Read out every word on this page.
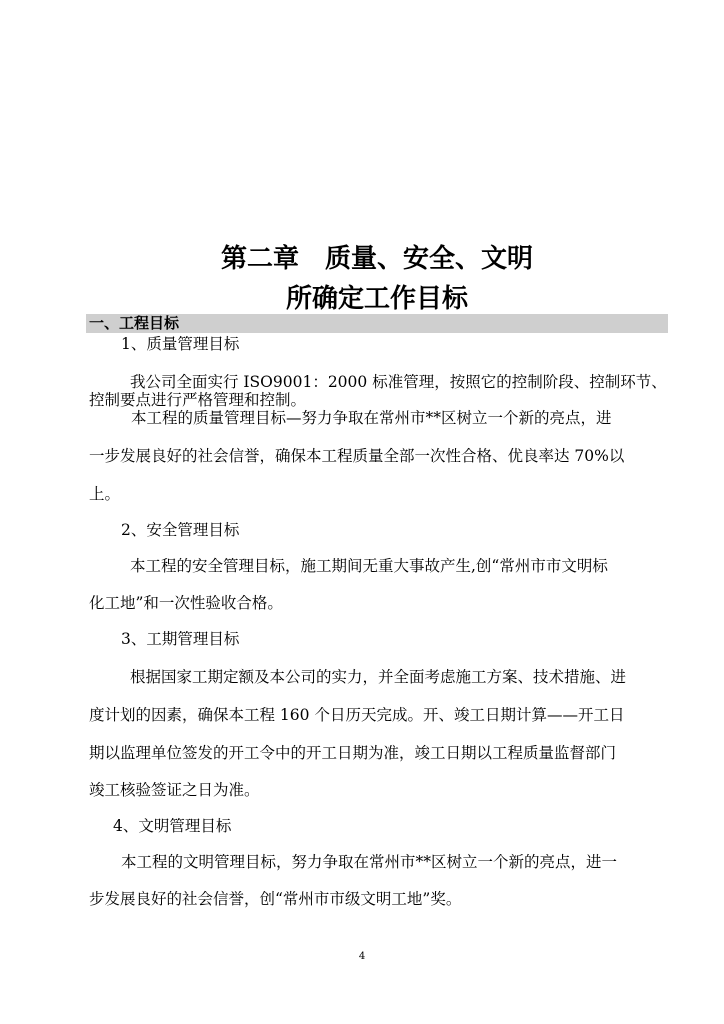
第二章　质量、安全、文明
所确定工作目标
一、工程目标
1、质量管理目标
我公司全面实行 ISO9001：2000 标准管理，按照它的控制阶段、控制环节、
控制要点进行严格管理和控制。
本工程的质量管理目标—努力争取在常州市**区树立一个新的亮点，进
一步发展良好的社会信誉，确保本工程质量全部一次性合格、优良率达 70%以
上。
2、安全管理目标
本工程的安全管理目标，施工期间无重大事故产生,创“常州市市文明标
化工地”和一次性验收合格。
3、工期管理目标
根据国家工期定额及本公司的实力，并全面考虑施工方案、技术措施、进
度计划的因素，确保本工程 160 个日历天完成。开、竣工日期计算——开工日
期以监理单位签发的开工令中的开工日期为准，竣工日期以工程质量监督部门
竣工核验签证之日为准。
4、文明管理目标
本工程的文明管理目标，努力争取在常州市**区树立一个新的亮点，进一
步发展良好的社会信誉，创“常州市市级文明工地”奖。
4
